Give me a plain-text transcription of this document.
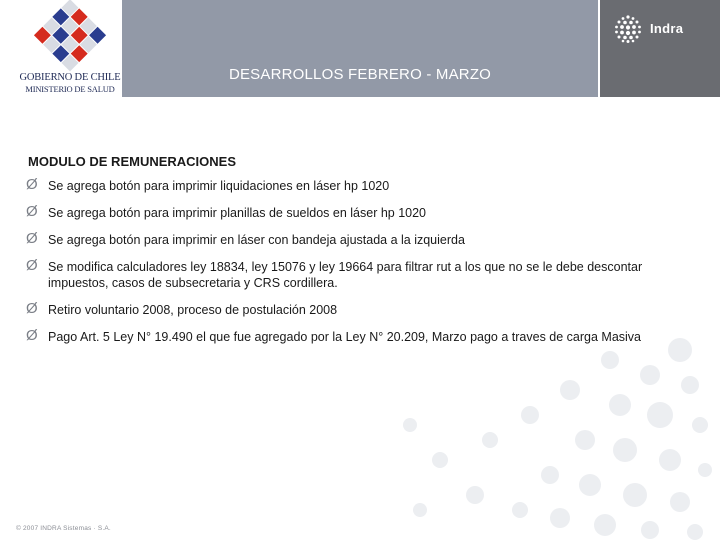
GOBIERNO DE CHILE
MINISTERIO DE SALUD
DESARROLLOS FEBRERO - MARZO
Indra
MODULO DE REMUNERACIONES
Ø Se agrega botón para imprimir liquidaciones en láser hp 1020
Ø Se agrega botón para imprimir planillas de sueldos en láser hp 1020
Ø Se agrega botón para imprimir en láser con bandeja ajustada a la izquierda
Ø Se modifica calculadores ley 18834, ley 15076 y ley 19664 para filtrar rut a los que no se le debe descontar impuestos, casos de subsecretaria y CRS cordillera.
Ø Retiro voluntario 2008, proceso de postulación 2008
Ø Pago Art. 5 Ley N° 19.490 el que fue agregado por la Ley N° 20.209, Marzo pago a traves de carga Masiva
© 2007 INDRA Sistemas · S.A.
